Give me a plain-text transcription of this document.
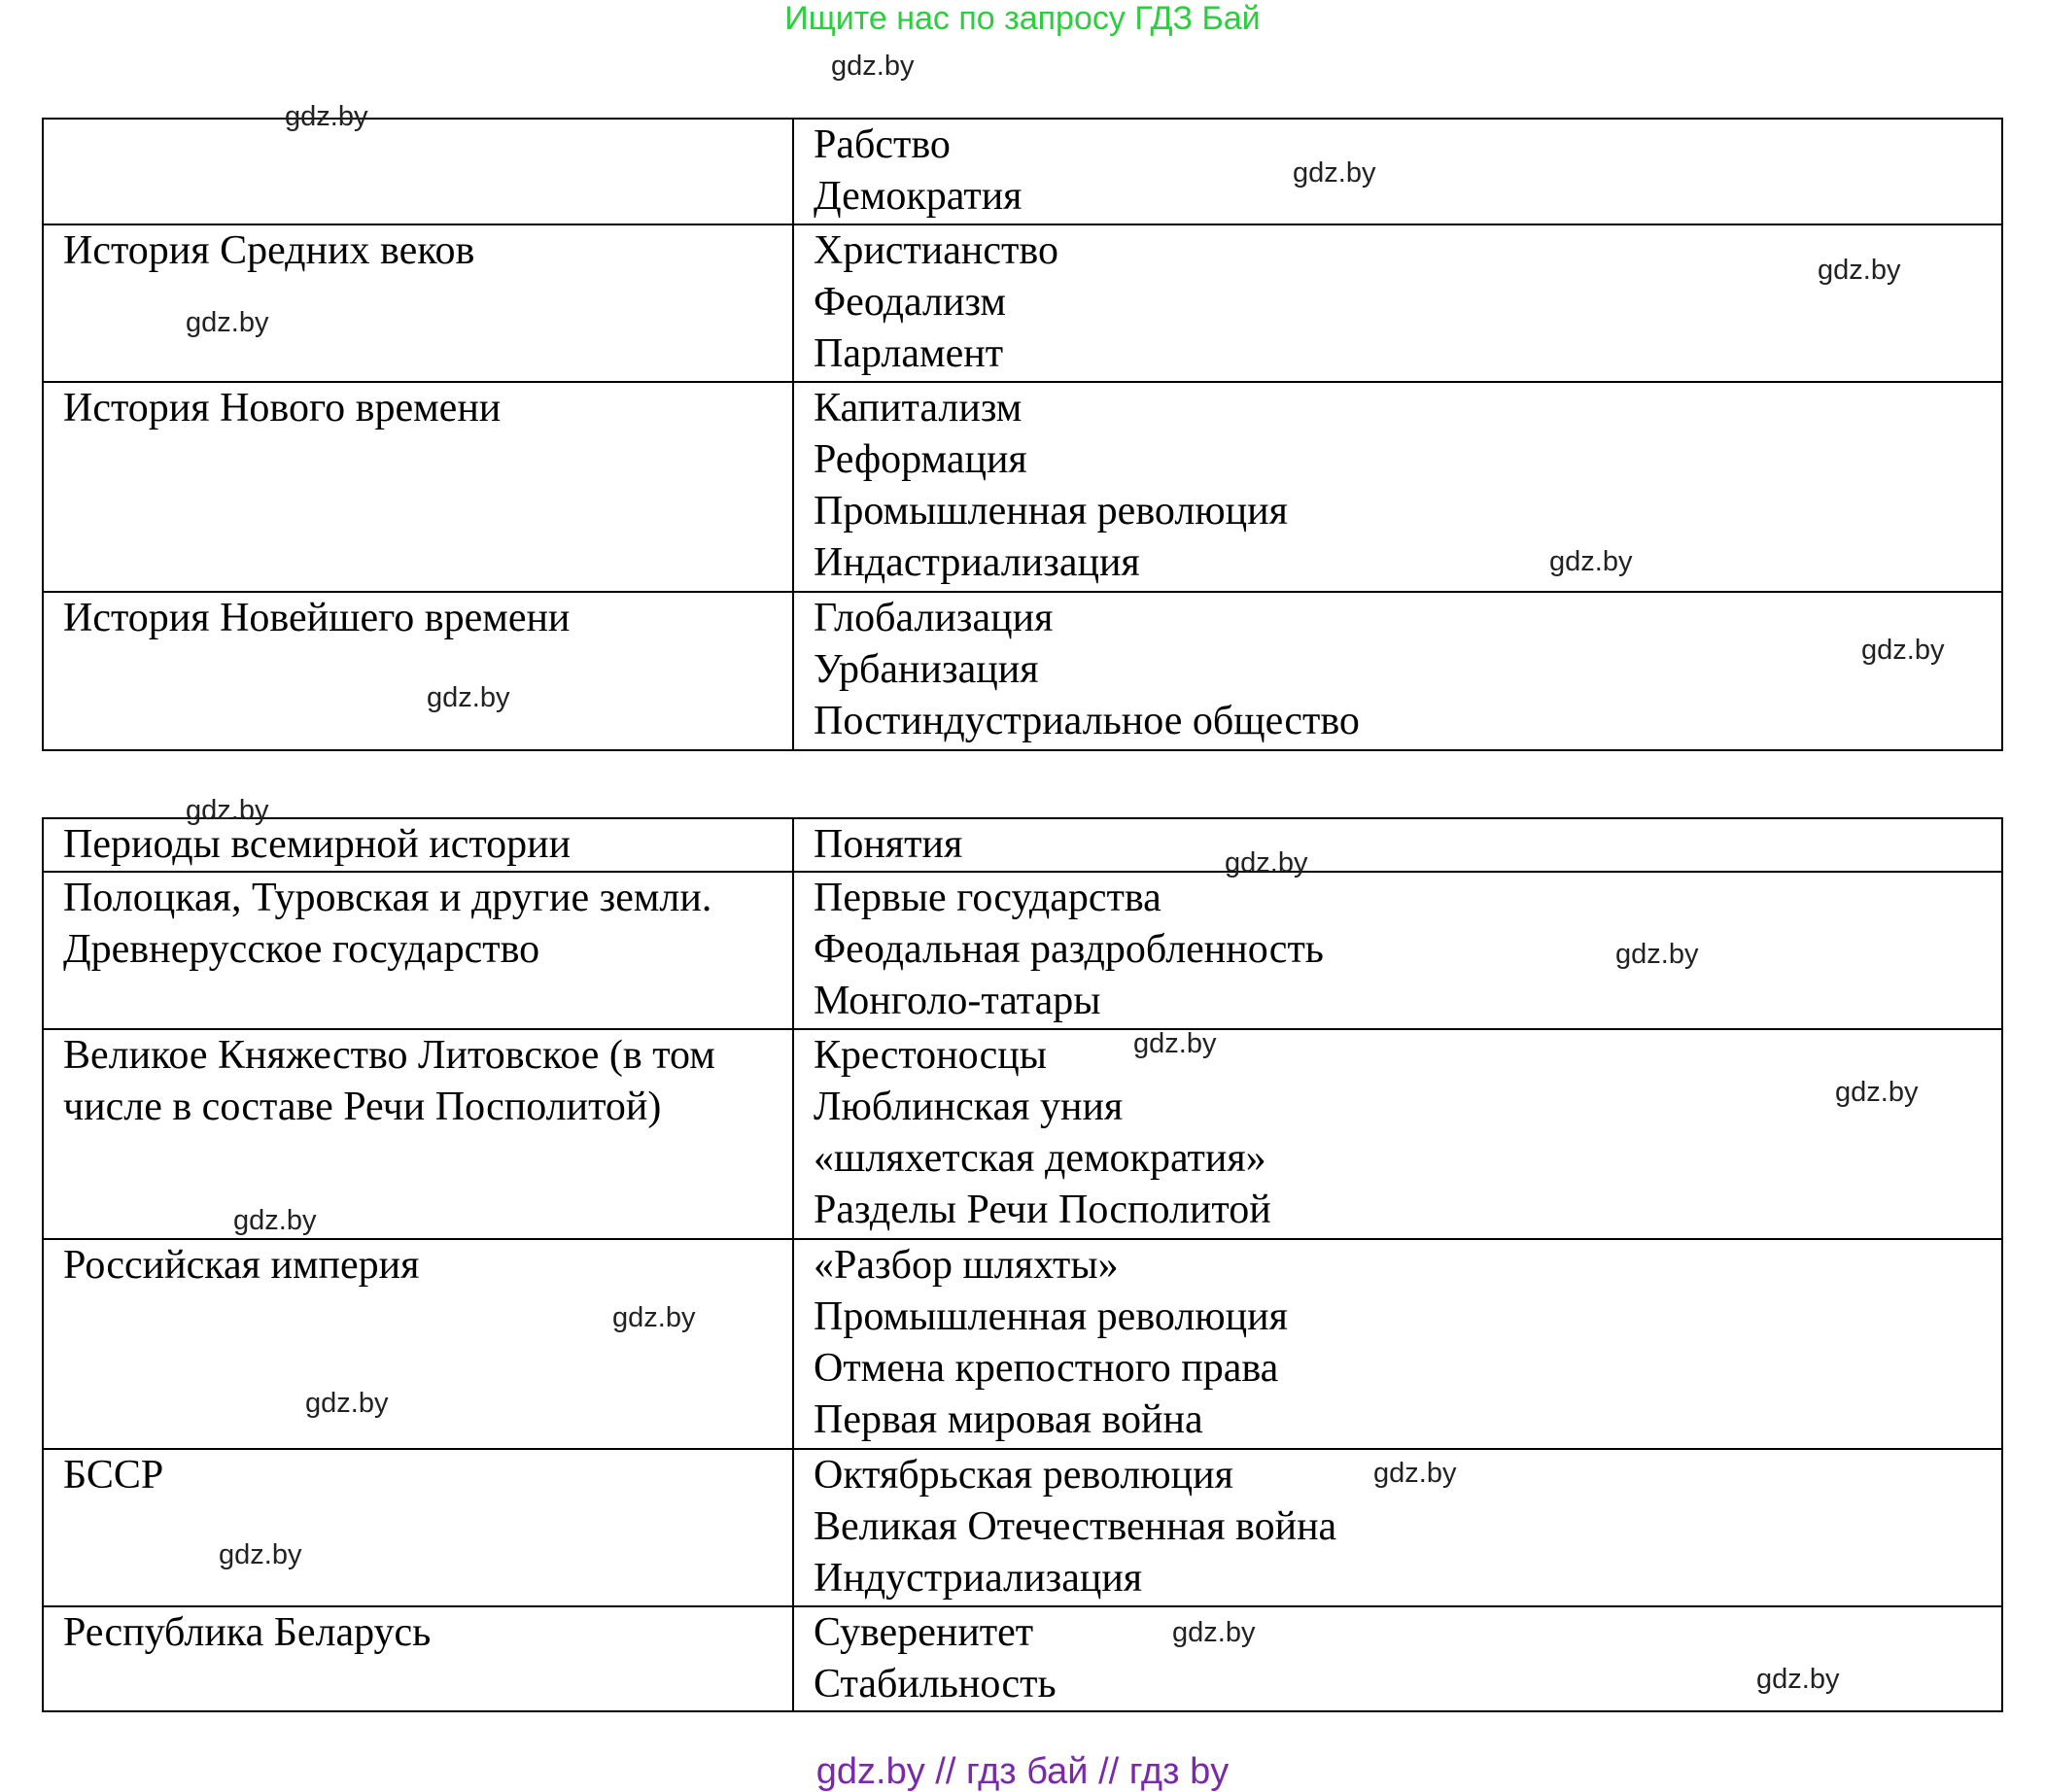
Ищите нас по запросу ГДЗ Бай

	Рабство
Демократия

История Средних веков	Христианство
Феодализм
Парламент

История Нового времени	Капитализм
Реформация
Промышленная революция
Индастриализация

История Новейшего времени	Глобализация
Урбанизация
Постиндустриальное общество
Периоды всемирной истории	Понятия

Полоцкая, Туровская и другие земли. Древнерусское государство	Первые государства
Феодальная раздробленность
Монголо-татары

Великое Княжество Литовское (в том числе в составе Речи Посполитой)	Крестоносцы
Люблинская уния
«шляхетская демократия»
Разделы Речи Посполитой

Российская империя	«Разбор шляхты»
Промышленная революция
Отмена крепостного права
Первая мировая война

БССР	Октябрьская революция
Великая Отечественная война
Индустриализация

Республика Беларусь	Суверенитет
Стабильность
gdz.by
gdz.by
gdz.by
gdz.by
gdz.by
gdz.by
gdz.by
gdz.by
gdz.by
gdz.by
gdz.by
gdz.by
gdz.by
gdz.by
gdz.by
gdz.by
gdz.by
gdz.by
gdz.by
gdz.by
gdz.by // гдз бай // гдз by
